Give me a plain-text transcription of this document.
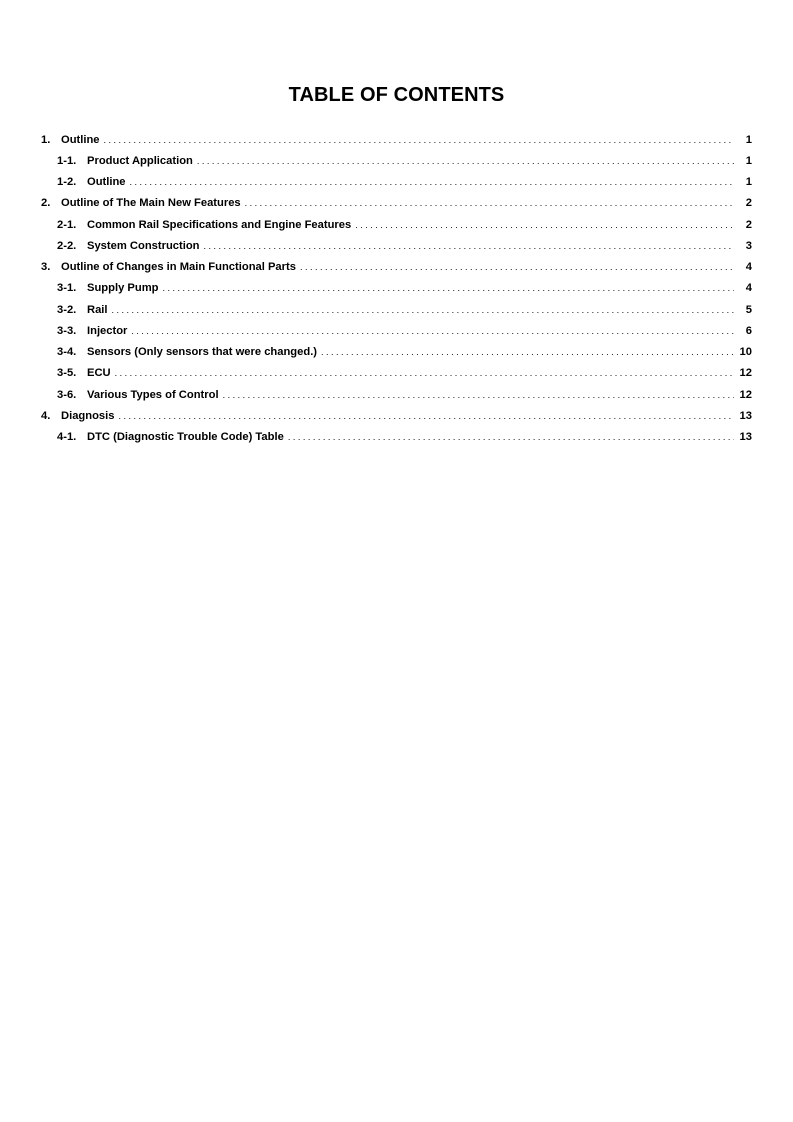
TABLE OF CONTENTS
1. Outline . . .	1
1-1. Product Application . . .	1
1-2. Outline . . .	1
2. Outline of The Main New Features . . .	2
2-1. Common Rail Specifications and Engine Features . . .	2
2-2. System Construction . . .	3
3. Outline of Changes in Main Functional Parts . . .	4
3-1. Supply Pump . . .	4
3-2. Rail . . .	5
3-3. Injector . . .	6
3-4. Sensors (Only sensors that were changed.) . . .	10
3-5. ECU . . .	12
3-6. Various Types of Control . . .	12
4. Diagnosis . . .	13
4-1. DTC (Diagnostic Trouble Code) Table . . .	13
